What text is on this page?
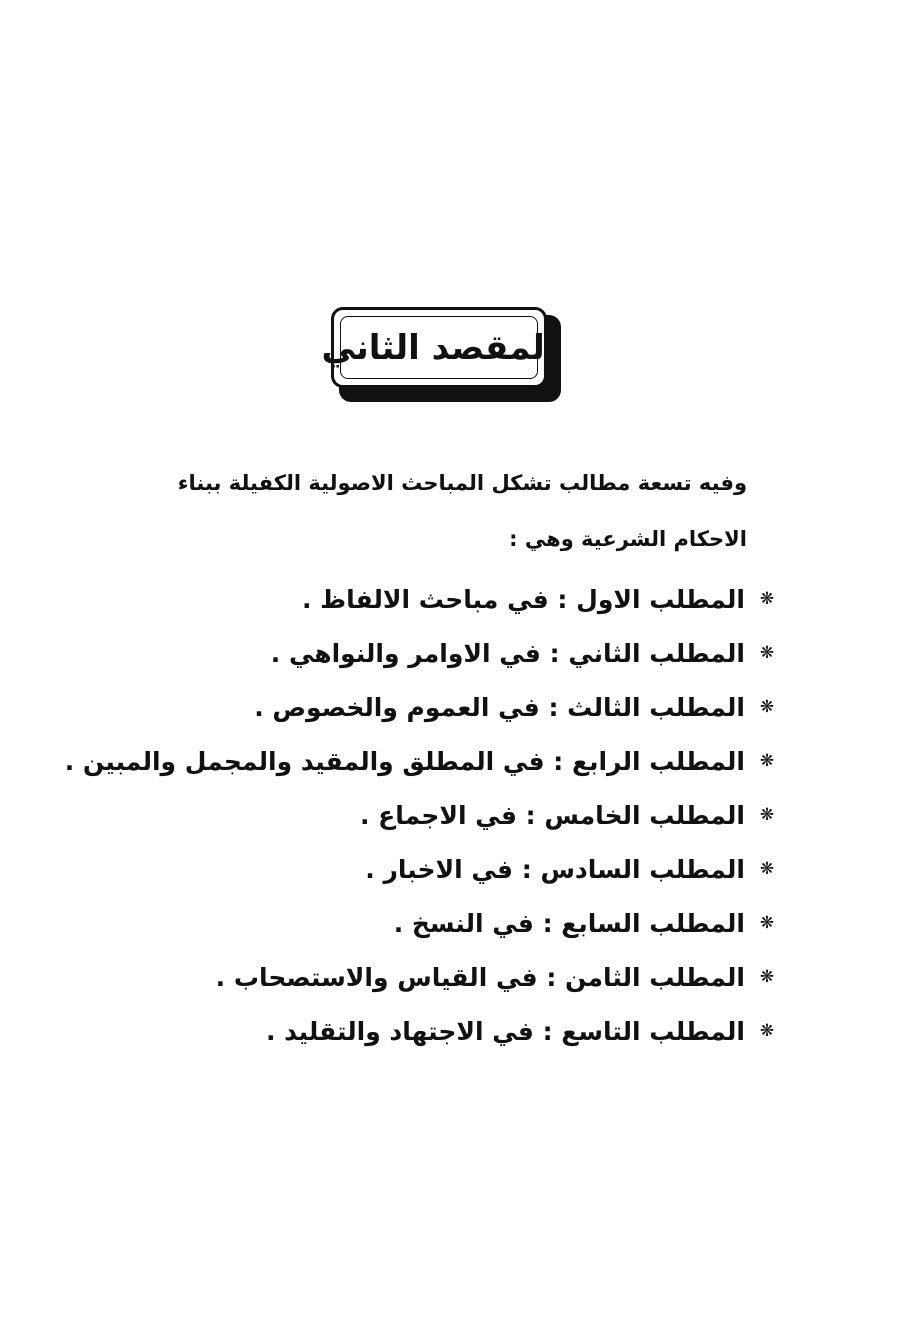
المقصد الثاني
وفيه تسعة مطالب تشكل المباحث الاصولية الكفيلة ببناء
الاحكام الشرعية وهي :
❋
المطلب الاول : في مباحث الالفاظ .
❋
المطلب الثاني : في الاوامر والنواهي .
❋
المطلب الثالث : في العموم والخصوص .
❋
المطلب الرابع : في المطلق والمقيد والمجمل والمبين .
❋
المطلب الخامس : في الاجماع .
❋
المطلب السادس : في الاخبار .
❋
المطلب السابع : في النسخ .
❋
المطلب الثامن : في القياس والاستصحاب .
❋
المطلب التاسع : في الاجتهاد والتقليد .
